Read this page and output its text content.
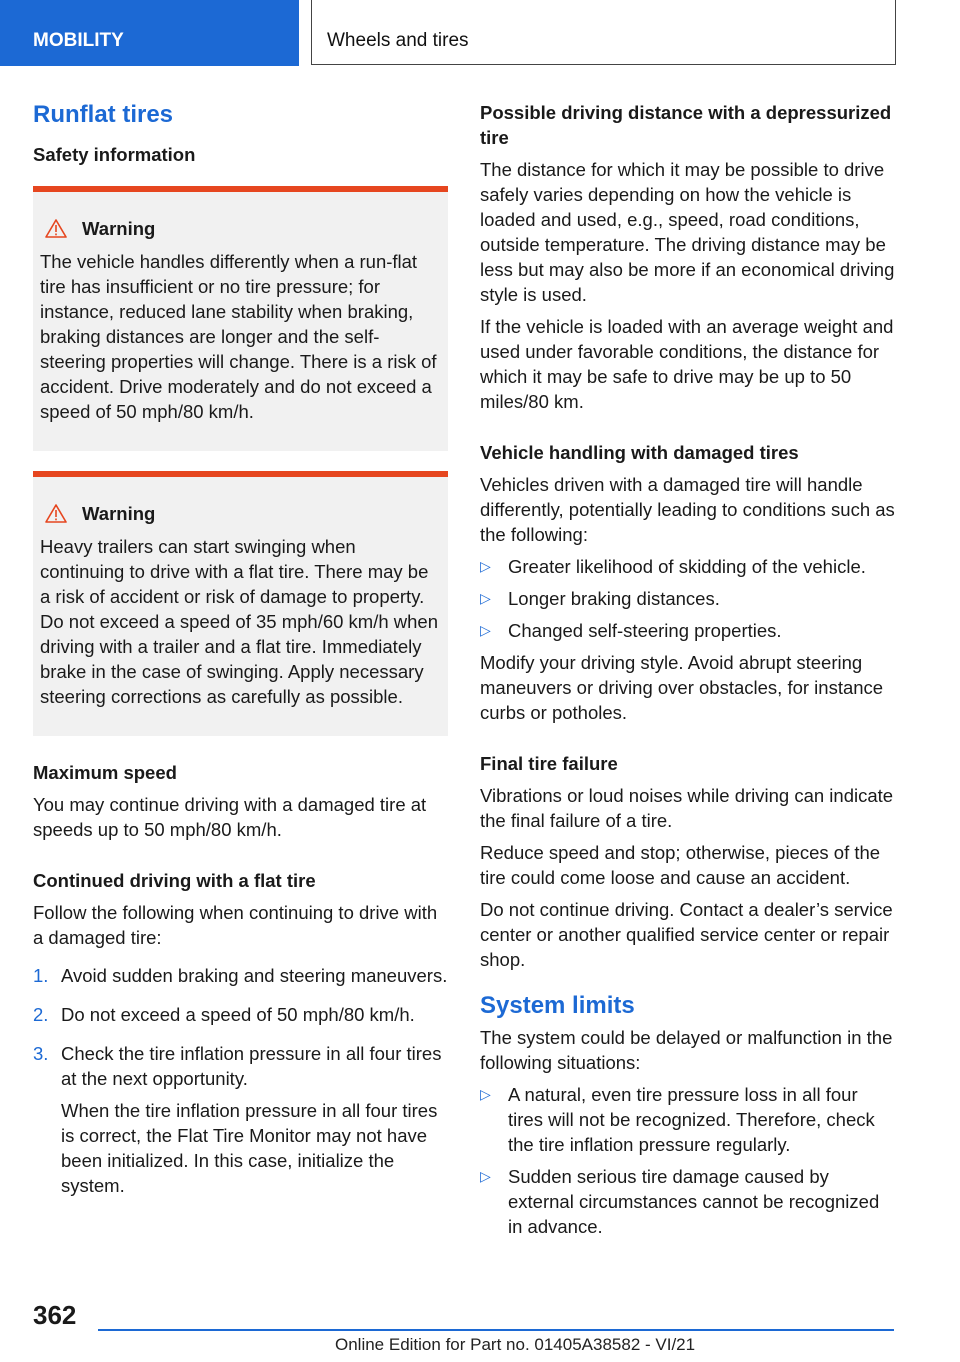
MOBILITY	Wheels and tires
Runflat tires
Safety information
Warning

The vehicle handles differently when a run-flat tire has insufficient or no tire pressure; for instance, reduced lane stability when braking, braking distances are longer and the self-steering properties will change. There is a risk of accident. Drive moderately and do not exceed a speed of 50 mph/80 km/h.

Warning

Heavy trailers can start swinging when continuing to drive with a flat tire. There may be a risk of accident or risk of damage to property. Do not exceed a speed of 35 mph/60 km/h when driving with a trailer and a flat tire. Immediately brake in the case of swinging. Apply necessary steering corrections as carefully as possible.

Maximum speed

You may continue driving with a damaged tire at speeds up to 50 mph/80 km/h.

Continued driving with a flat tire

Follow the following when continuing to drive with a damaged tire:

1. Avoid sudden braking and steering maneuvers.

2. Do not exceed a speed of 50 mph/80 km/h.

3. Check the tire inflation pressure in all four tires at the next opportunity.

When the tire inflation pressure in all four tires is correct, the Flat Tire Monitor may not have been initialized. In this case, initialize the system.

Possible driving distance with a depressurized tire

The distance for which it may be possible to drive safely varies depending on how the vehicle is loaded and used, e.g., speed, road conditions, outside temperature. The driving distance may be less but may also be more if an economical driving style is used.

If the vehicle is loaded with an average weight and used under favorable conditions, the distance for which it may be safe to drive may be up to 50 miles/80 km.

Vehicle handling with damaged tires

Vehicles driven with a damaged tire will handle differently, potentially leading to conditions such as the following:

▷ Greater likelihood of skidding of the vehicle.
▷ Longer braking distances.
▷ Changed self-steering properties.

Modify your driving style. Avoid abrupt steering maneuvers or driving over obstacles, for instance curbs or potholes.

Final tire failure

Vibrations or loud noises while driving can indicate the final failure of a tire.

Reduce speed and stop; otherwise, pieces of the tire could come loose and cause an accident.

Do not continue driving. Contact a dealer’s service center or another qualified service center or repair shop.

System limits

The system could be delayed or malfunction in the following situations:

▷ A natural, even tire pressure loss in all four tires will not be recognized. Therefore, check the tire inflation pressure regularly.
▷ Sudden serious tire damage caused by external circumstances cannot be recognized in advance.
362
Online Edition for Part no. 01405A38582 - VI/21
